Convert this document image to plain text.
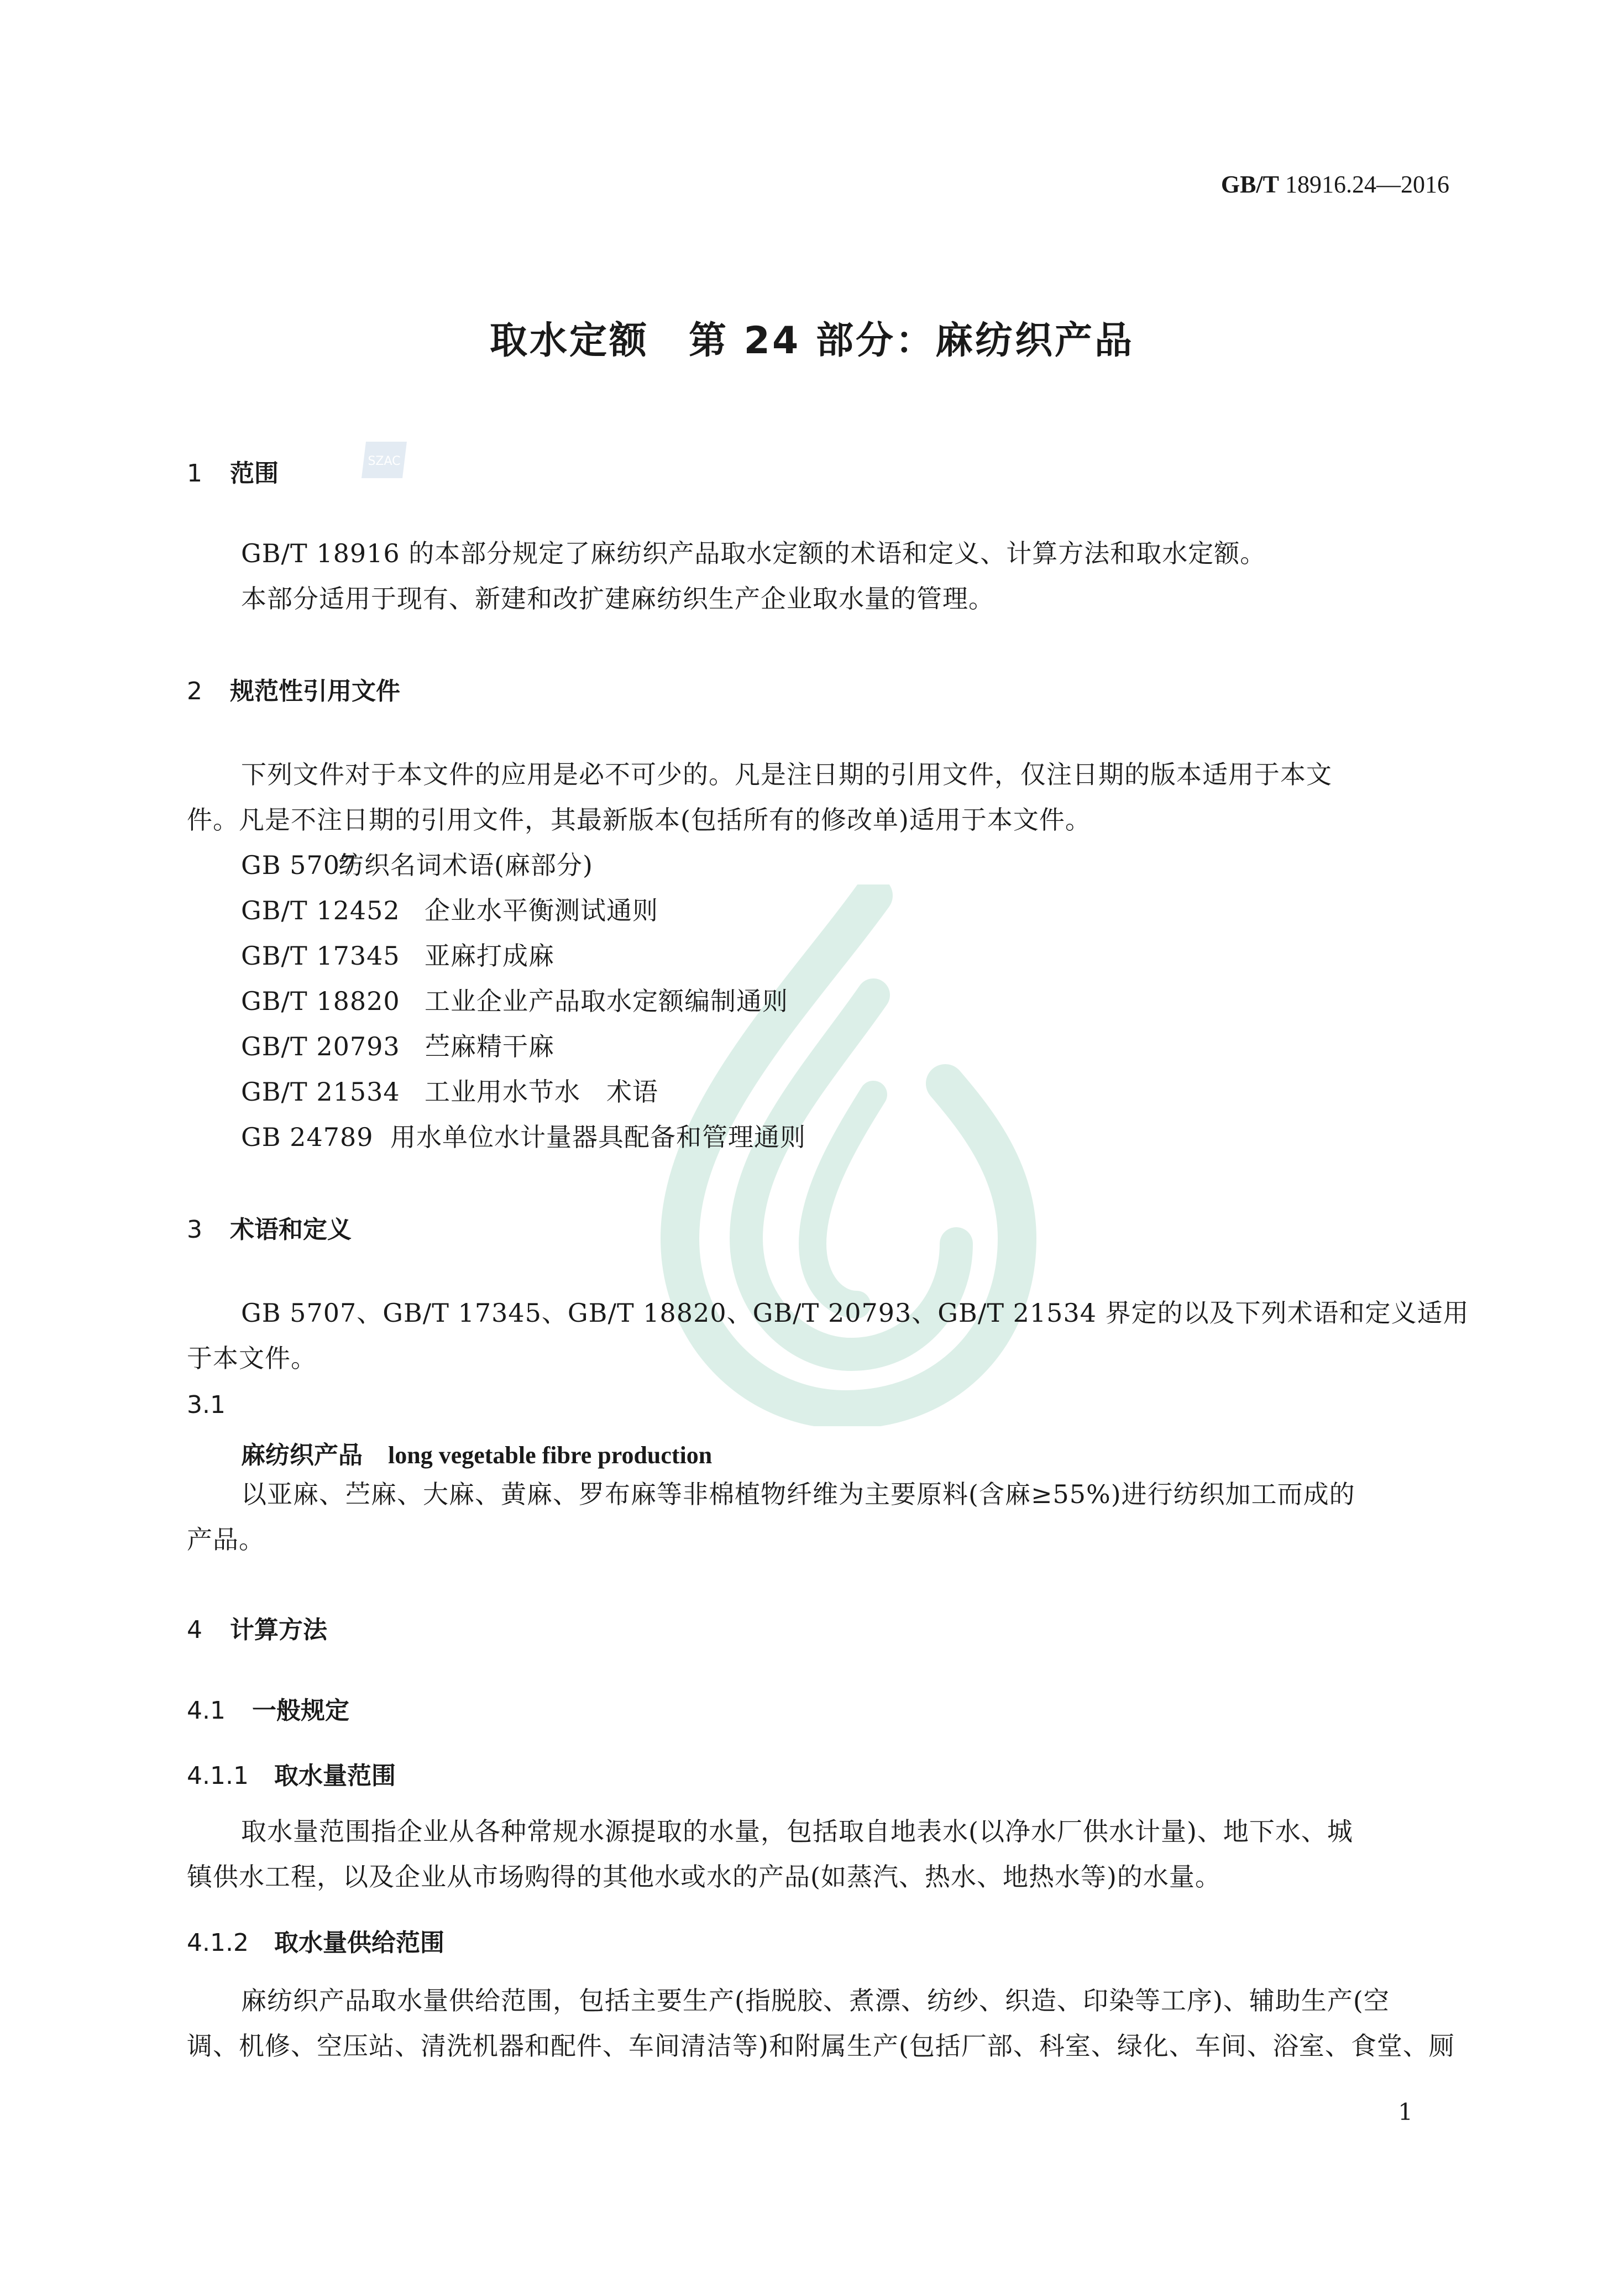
GB/T 18916.24—2016
取水定额　第 24 部分：麻纺织产品
SZAC
1 范围
GB/T 18916 的本部分规定了麻纺织产品取水定额的术语和定义、计算方法和取水定额。
本部分适用于现有、新建和改扩建麻纺织生产企业取水量的管理。
2 规范性引用文件
下列文件对于本文件的应用是必不可少的。凡是注日期的引用文件，仅注日期的版本适用于本文
件。凡是不注日期的引用文件，其最新版本(包括所有的修改单)适用于本文件。
GB 5707纺织名词术语(麻部分)
GB/T 12452 企业水平衡测试通则
GB/T 17345 亚麻打成麻
GB/T 18820 工业企业产品取水定额编制通则
GB/T 20793 苎麻精干麻
GB/T 21534 工业用水节水　术语
GB 24789 用水单位水计量器具配备和管理通则
3 术语和定义
GB 5707、GB/T 17345、GB/T 18820、GB/T 20793、GB/T 21534 界定的以及下列术语和定义适用
于本文件。
3.1
麻纺织产品 long vegetable fibre production
以亚麻、苎麻、大麻、黄麻、罗布麻等非棉植物纤维为主要原料(含麻≥55%)进行纺织加工而成的
产品。
4 计算方法
4.1 一般规定
4.1.1 取水量范围
取水量范围指企业从各种常规水源提取的水量，包括取自地表水(以净水厂供水计量)、地下水、城
镇供水工程，以及企业从市场购得的其他水或水的产品(如蒸汽、热水、地热水等)的水量。
4.1.2 取水量供给范围
麻纺织产品取水量供给范围，包括主要生产(指脱胶、煮漂、纺纱、织造、印染等工序)、辅助生产(空
调、机修、空压站、清洗机器和配件、车间清洁等)和附属生产(包括厂部、科室、绿化、车间、浴室、食堂、厕
1
